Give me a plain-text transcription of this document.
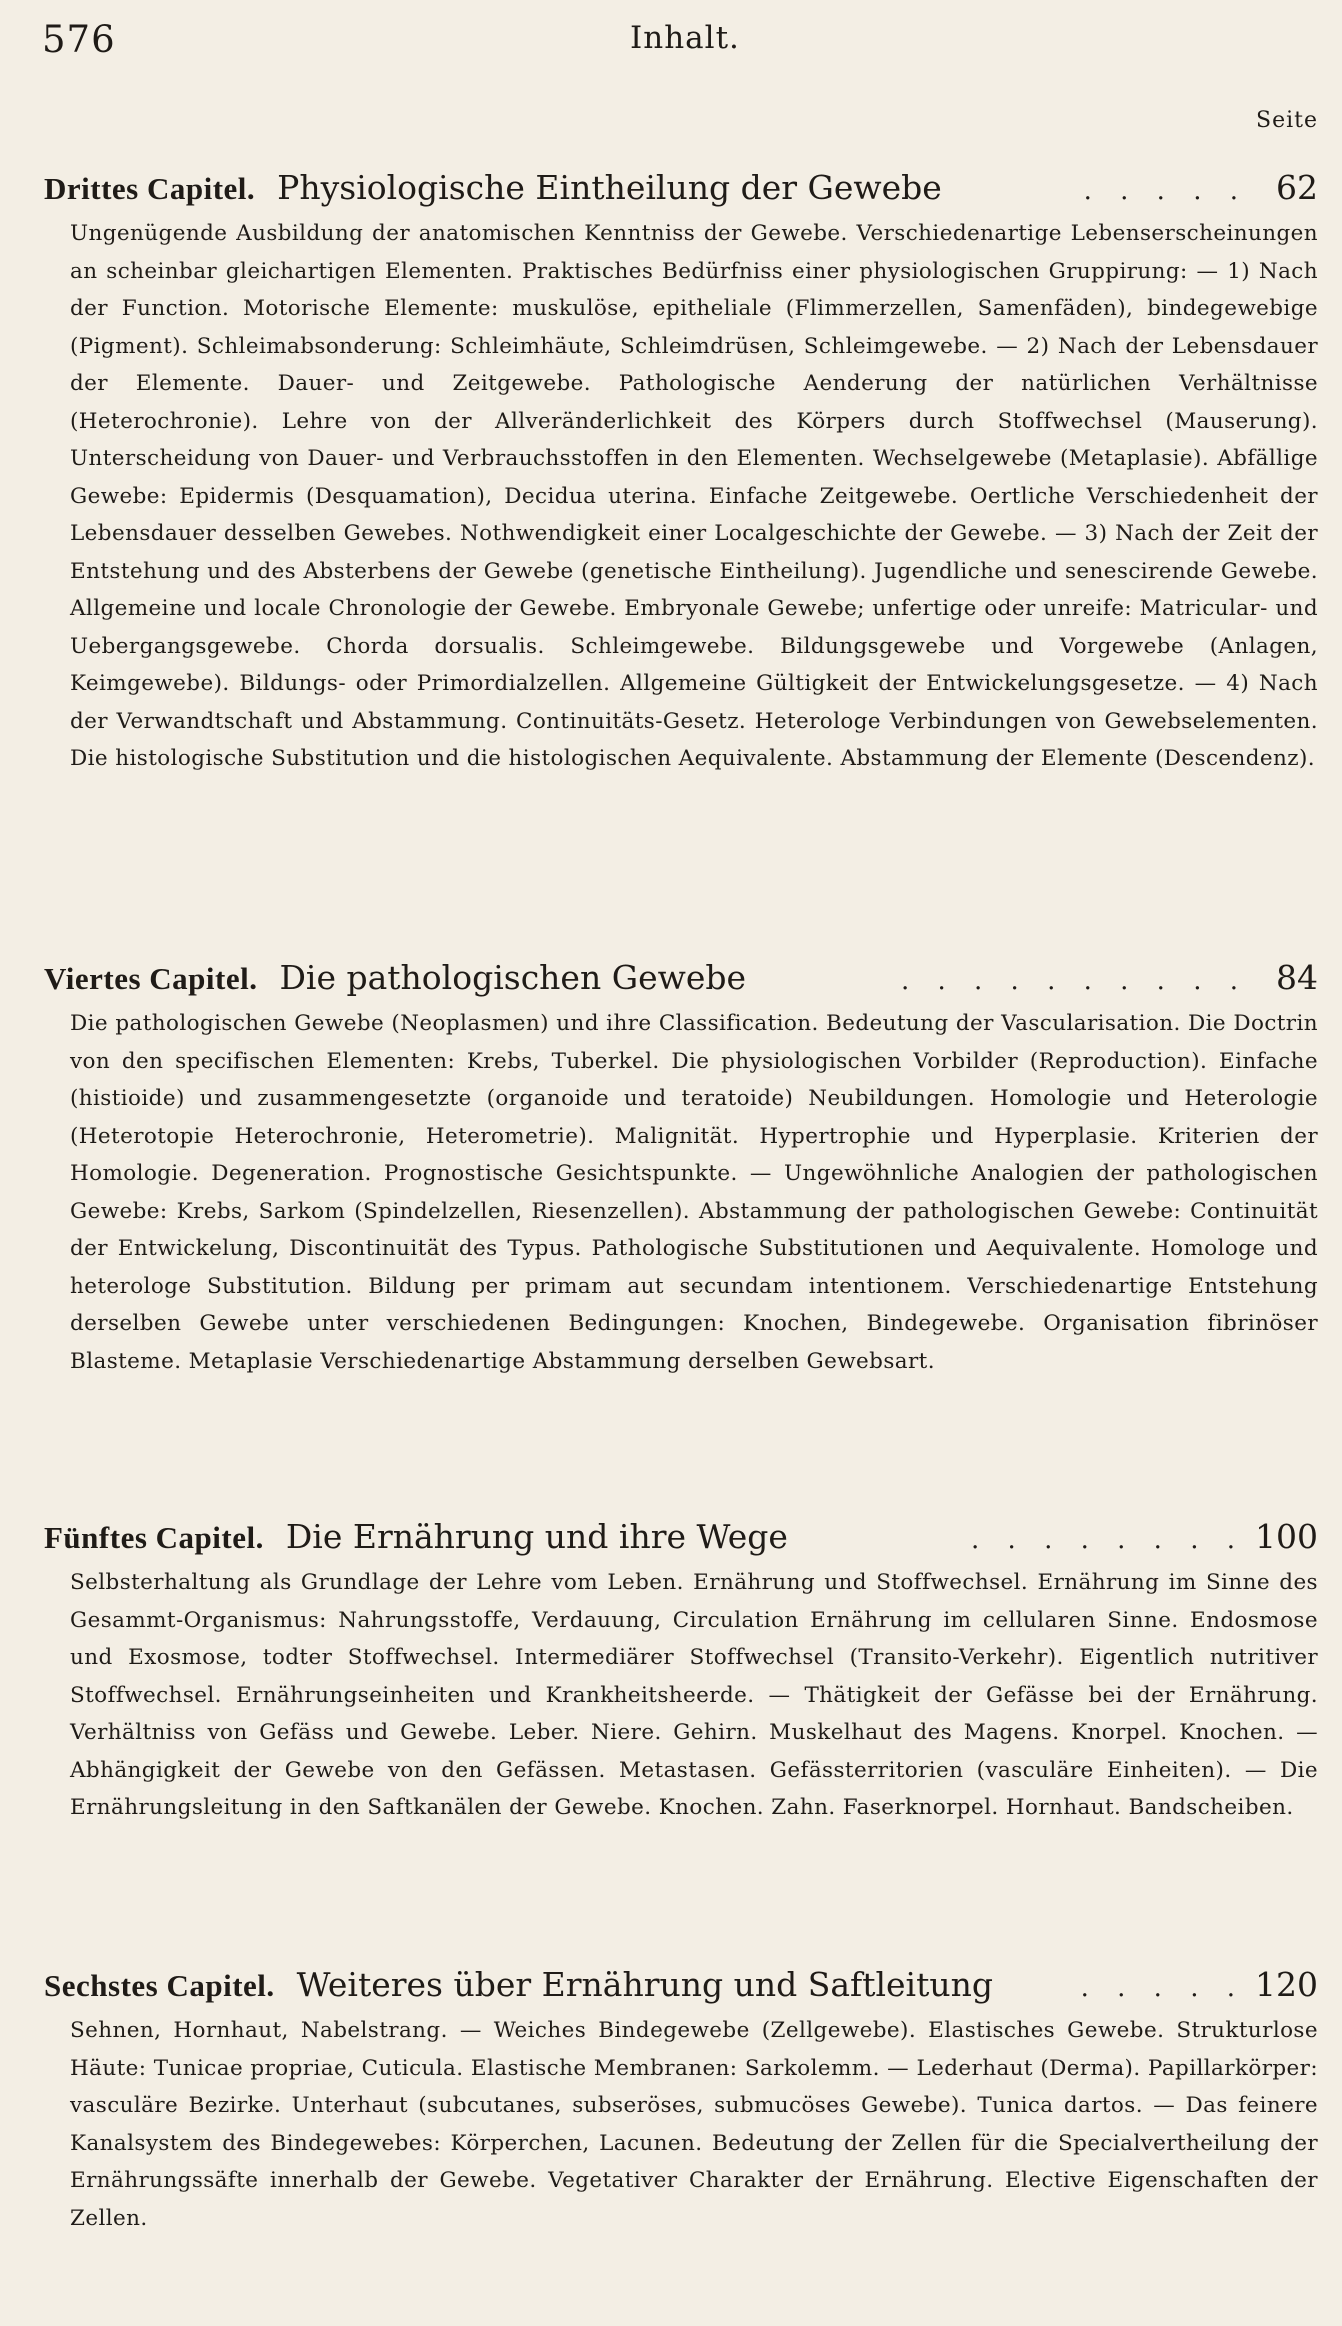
576	Inhalt.
Seite
Drittes Capitel. Physiologische Eintheilung der Gewebe	. . . . . 62

Ungenügende Ausbildung der anatomischen Kenntniss der Gewebe. Verschiedenartige Lebenserscheinungen an scheinbar gleichartigen Elementen. Praktisches Bedürfniss einer physiologischen Gruppirung: — 1) Nach der Function. Motorische Elemente: muskulöse, epitheliale (Flimmerzellen, Samenfäden), bindegewebige (Pigment). Schleimabsonderung: Schleimhäute, Schleimdrüsen, Schleimgewebe. — 2) Nach der Lebensdauer der Elemente. Dauer- und Zeitgewebe. Pathologische Aenderung der natürlichen Verhältnisse (Heterochronie). Lehre von der Allveränderlichkeit des Körpers durch Stoffwechsel (Mauserung). Unterscheidung von Dauer- und Verbrauchsstoffen in den Elementen. Wechselgewebe (Metaplasie). Abfällige Gewebe: Epidermis (Desquamation), Decidua uterina. Einfache Zeitgewebe. Oertliche Verschiedenheit der Lebensdauer desselben Gewebes. Nothwendigkeit einer Localgeschichte der Gewebe. — 3) Nach der Zeit der Entstehung und des Absterbens der Gewebe (genetische Eintheilung). Jugendliche und senescirende Gewebe. Allgemeine und locale Chronologie der Gewebe. Embryonale Gewebe; unfertige oder unreife: Matricular- und Uebergangsgewebe. Chorda dorsualis. Schleimgewebe. Bildungsgewebe und Vorgewebe (Anlagen, Keimgewebe). Bildungs- oder Primordialzellen. Allgemeine Gültigkeit der Entwickelungsgesetze. — 4) Nach der Verwandtschaft und Abstammung. Continuitäts-Gesetz. Heterologe Verbindungen von Gewebselementen. Die histologische Substitution und die histologischen Aequivalente. Abstammung der Elemente (Descendenz).

Viertes Capitel. Die pathologischen Gewebe	. . . . . . . . . . 84

Die pathologischen Gewebe (Neoplasmen) und ihre Classification. Bedeutung der Vascularisation. Die Doctrin von den specifischen Elementen: Krebs, Tuberkel. Die physiologischen Vorbilder (Reproduction). Einfache (histioide) und zusammengesetzte (organoide und teratoide) Neubildungen. Homologie und Heterologie (Heterotopie Heterochronie, Heterometrie). Malignität. Hypertrophie und Hyperplasie. Kriterien der Homologie. Degeneration. Prognostische Gesichtspunkte. — Ungewöhnliche Analogien der pathologischen Gewebe: Krebs, Sarkom (Spindelzellen, Riesenzellen). Abstammung der pathologischen Gewebe: Continuität der Entwickelung, Discontinuität des Typus. Pathologische Substitutionen und Aequivalente. Homologe und heterologe Substitution. Bildung per primam aut secundam intentionem. Verschiedenartige Entstehung derselben Gewebe unter verschiedenen Bedingungen: Knochen, Bindegewebe. Organisation fibrinöser Blasteme. Metaplasie Verschiedenartige Abstammung derselben Gewebsart.

Fünftes Capitel. Die Ernährung und ihre Wege	. . . . . . . . 100

Selbsterhaltung als Grundlage der Lehre vom Leben. Ernährung und Stoffwechsel. Ernährung im Sinne des Gesammt-Organismus: Nahrungsstoffe, Verdauung, Circulation Ernährung im cellularen Sinne. Endosmose und Exosmose, todter Stoffwechsel. Intermediärer Stoffwechsel (Transito-Verkehr). Eigentlich nutritiver Stoffwechsel. Ernährungseinheiten und Krankheitsheerde. — Thätigkeit der Gefässe bei der Ernährung. Verhältniss von Gefäss und Gewebe. Leber. Niere. Gehirn. Muskelhaut des Magens. Knorpel. Knochen. — Abhängigkeit der Gewebe von den Gefässen. Metastasen. Gefässterritorien (vasculäre Einheiten). — Die Ernährungsleitung in den Saftkanälen der Gewebe. Knochen. Zahn. Faserknorpel. Hornhaut. Bandscheiben.

Sechstes Capitel. Weiteres über Ernährung und Saftleitung	. . . . . 120

Sehnen, Hornhaut, Nabelstrang. — Weiches Bindegewebe (Zellgewebe). Elastisches Gewebe. Strukturlose Häute: Tunicae propriae, Cuticula. Elastische Membranen: Sarkolemm. — Lederhaut (Derma). Papillarkörper: vasculäre Bezirke. Unterhaut (subcutanes, subseröses, submucöses Gewebe). Tunica dartos. — Das feinere Kanalsystem des Bindegewebes: Körperchen, Lacunen. Bedeutung der Zellen für die Specialvertheilung der Ernährungssäfte innerhalb der Gewebe. Vegetativer Charakter der Ernährung. Elective Eigenschaften der Zellen.
